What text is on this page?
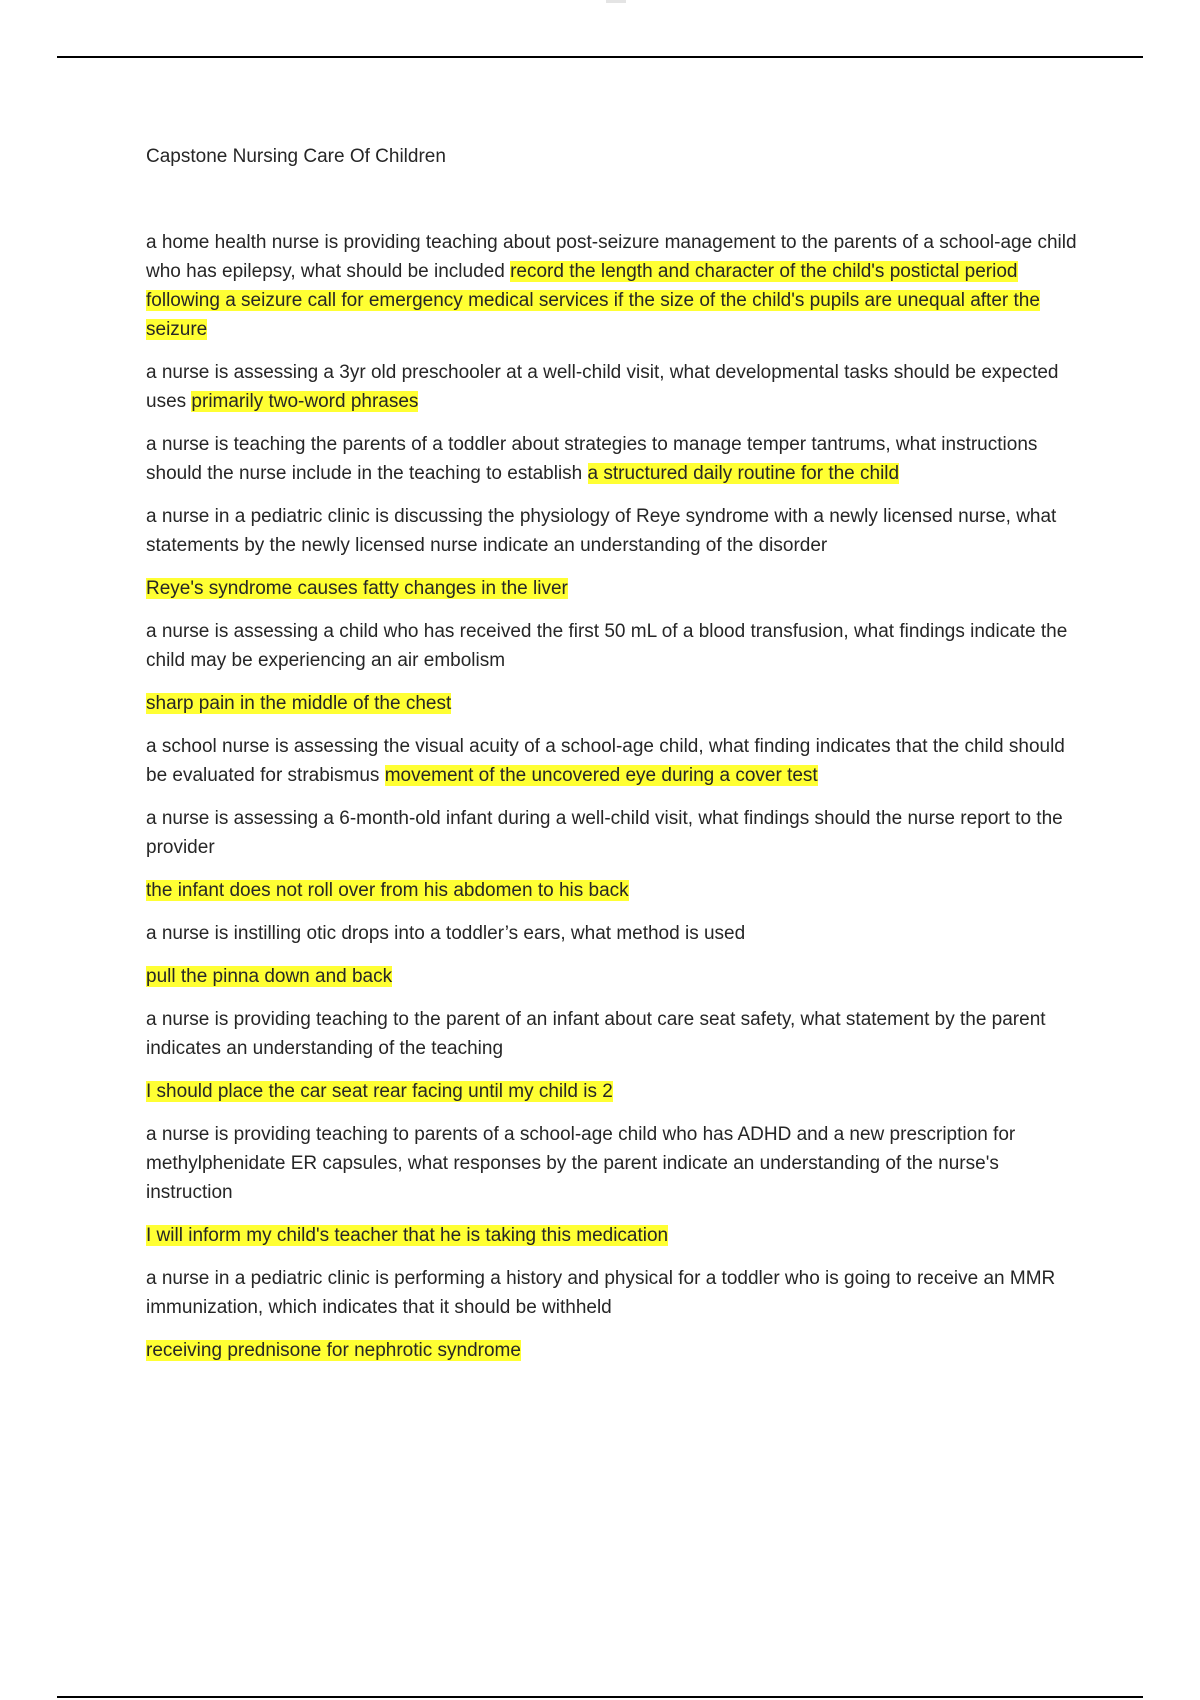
Capstone Nursing Care Of Children

a home health nurse is providing teaching about post-seizure management to the parents of a school-age child who has epilepsy, what should be included record the length and character of the child's postictal period following a seizure call for emergency medical services if the size of the child's pupils are unequal after the seizure

a nurse is assessing a 3yr old preschooler at a well-child visit, what developmental tasks should be expected uses primarily two-word phrases

a nurse is teaching the parents of a toddler about strategies to manage temper tantrums, what instructions should the nurse include in the teaching to establish a structured daily routine for the child

a nurse in a pediatric clinic is discussing the physiology of Reye syndrome with a newly licensed nurse, what statements by the newly licensed nurse indicate an understanding of the disorder

Reye's syndrome causes fatty changes in the liver

a nurse is assessing a child who has received the first 50 mL of a blood transfusion, what findings indicate the child may be experiencing an air embolism

sharp pain in the middle of the chest

a school nurse is assessing the visual acuity of a school-age child, what finding indicates that the child should be evaluated for strabismus movement of the uncovered eye during a cover test

a nurse is assessing a 6-month-old infant during a well-child visit, what findings should the nurse report to the provider

the infant does not roll over from his abdomen to his back

a nurse is instilling otic drops into a toddler’s ears, what method is used

pull the pinna down and back

a nurse is providing teaching to the parent of an infant about care seat safety, what statement by the parent indicates an understanding of the teaching

I should place the car seat rear facing until my child is 2

a nurse is providing teaching to parents of a school-age child who has ADHD and a new prescription for methylphenidate ER capsules, what responses by the parent indicate an understanding of the nurse's instruction

I will inform my child's teacher that he is taking this medication

a nurse in a pediatric clinic is performing a history and physical for a toddler who is going to receive an MMR immunization, which indicates that it should be withheld

receiving prednisone for nephrotic syndrome
